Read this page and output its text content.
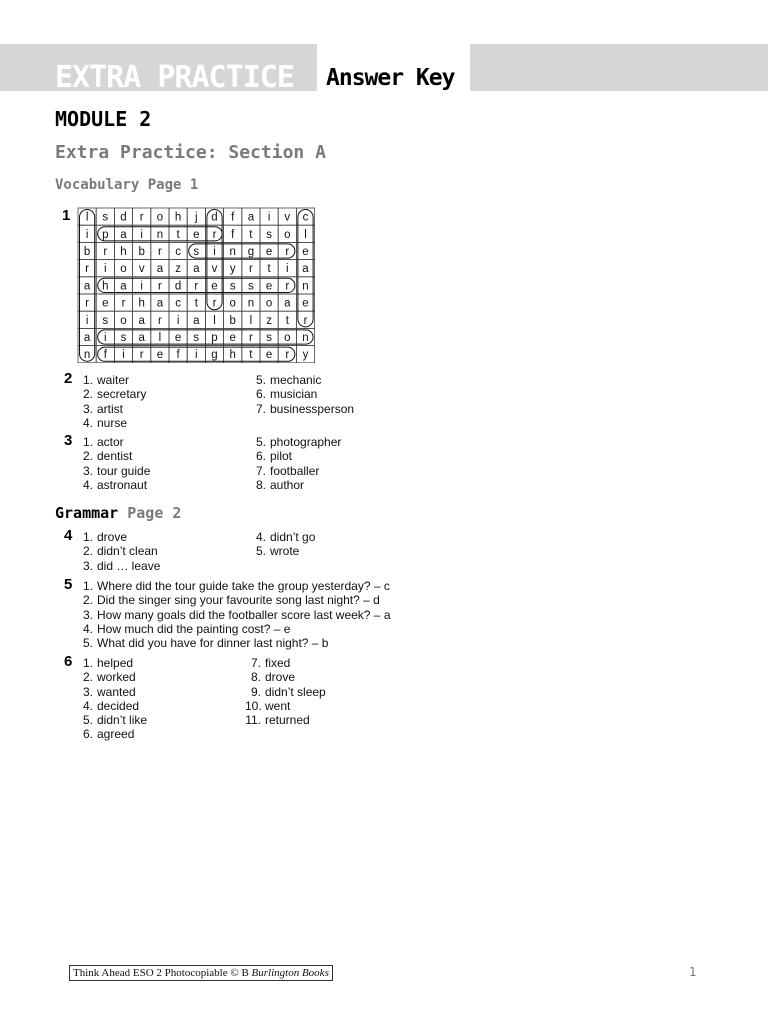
EXTRA PRACTICE Answer Key
MODULE 2
Extra Practice: Section A
Vocabulary Page 1
1 l s d r o h j d f a i v c
i p a i n t e r f t s o l
b r h b r c s i n g e r e
r i o v a z a v y r t i a
a h a i r d r e s s e r n
r e r h a c t r o n o a e
i s o a r i a l b l z t r
a i s a l e s p e r s o n
n f i r e f i g h t e r y
2 1. waiter
2. secretary
3. artist
4. nurse
5. mechanic
6. musician
7. businessperson
3 1. actor
2. dentist
3. tour guide
4. astronaut
5. photographer
6. pilot
7. footballer
8. author
Grammar Page 2
4 1. drove
2. didn’t clean
3. did … leave
4. didn’t go
5. wrote
5 1. Where did the tour guide take the group yesterday? – c
2. Did the singer sing your favourite song last night? – d
3. How many goals did the footballer score last week? – a
4. How much did the painting cost? – e
5. What did you have for dinner last night? – b
6 1. helped
2. worked
3. wanted
4. decided
5. didn’t like
6. agreed
7. fixed
8. drove
9. didn’t sleep
10. went
11. returned
Think Ahead ESO 2 Photocopiable © B Burlington Books	1
